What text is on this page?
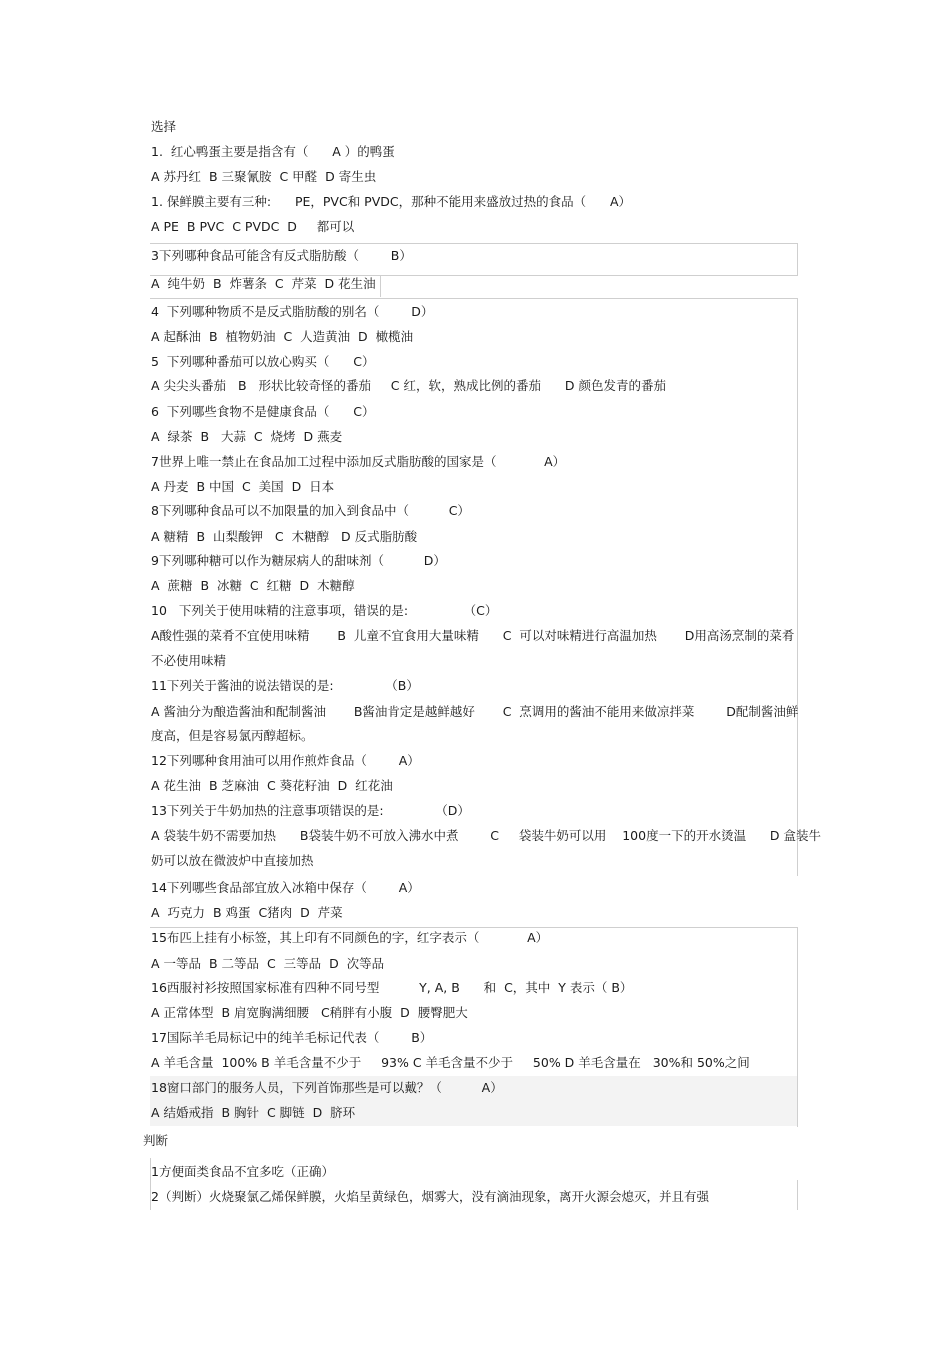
选择
1.  红心鸭蛋主要是指含有（      A ）的鸭蛋
A 苏丹红  B 三聚氰胺  C 甲醛  D 寄生虫
1. 保鲜膜主要有三种:      PE，PVC和 PVDC，那种不能用来盛放过热的食品（      A）
A PE  B PVC  C PVDC  D     都可以
3下列哪种食品可能含有反式脂肪酸（        B）
A  纯牛奶  B  炸薯条  C  芹菜  D 花生油
4  下列哪种物质不是反式脂肪酸的别名（        D）
A 起酥油  B  植物奶油  C  人造黄油  D  橄榄油
5  下列哪种番茄可以放心购买（      C）
A 尖尖头番茄   B   形状比较奇怪的番茄     C 红，软，熟成比例的番茄      D 颜色发青的番茄
6  下列哪些食物不是健康食品（      C）
A  绿茶  B   大蒜  C  烧烤  D 燕麦
7世界上唯一禁止在食品加工过程中添加反式脂肪酸的国家是（            A）
A 丹麦  B 中国  C  美国  D  日本
8下列哪种食品可以不加限量的加入到食品中（          C）
A 糖精  B  山梨酸钾   C  木糖醇   D 反式脂肪酸
9下列哪种糖可以作为糖尿病人的甜味剂（          D）
A  蔗糖  B  冰糖  C  红糖  D  木糖醇
10   下列关于使用味精的注意事项，错误的是:              （C）
A酸性强的菜肴不宜使用味精       B  儿童不宜食用大量味精      C  可以对味精进行高温加热       D用高汤烹制的菜肴
不必使用味精
11下列关于酱油的说法错误的是:             （B）
A 酱油分为酿造酱油和配制酱油       B酱油肯定是越鲜越好       C  烹调用的酱油不能用来做凉拌菜        D配制酱油鲜
度高，但是容易氯丙醇超标。
12下列哪种食用油可以用作煎炸食品（        A）
A 花生油  B 芝麻油  C 葵花籽油  D  红花油
13下列关于牛奶加热的注意事项错误的是:             （D）
A 袋装牛奶不需要加热      B袋装牛奶不可放入沸水中煮        C     袋装牛奶可以用    100度一下的开水烫温      D 盒装牛
奶可以放在微波炉中直接加热
14下列哪些食品部宜放入冰箱中保存（        A）
A  巧克力  B 鸡蛋  C猪肉  D  芹菜
15布匹上挂有小标签，其上印有不同颜色的字，红字表示（            A）
A 一等品  B 二等品  C  三等品  D  次等品
16西服衬衫按照国家标准有四种不同号型          Y, A, B      和  C，其中  Y 表示（ B）
A 正常体型  B 肩宽胸满细腰   C稍胖有小腹  D  腰臀肥大
17国际羊毛局标记中的纯羊毛标记代表（        B）
A 羊毛含量  100% B 羊毛含量不少于     93% C 羊毛含量不少于     50% D 羊毛含量在   30%和 50%之间
18窗口部门的服务人员，下列首饰那些是可以戴？（          A）
A 结婚戒指  B 胸针  C 脚链  D  脐环
判断
1方便面类食品不宜多吃（正确）
2（判断）火烧聚氯乙烯保鲜膜，火焰呈黄绿色，烟雾大，没有滴油现象，离开火源会熄灭，并且有强
